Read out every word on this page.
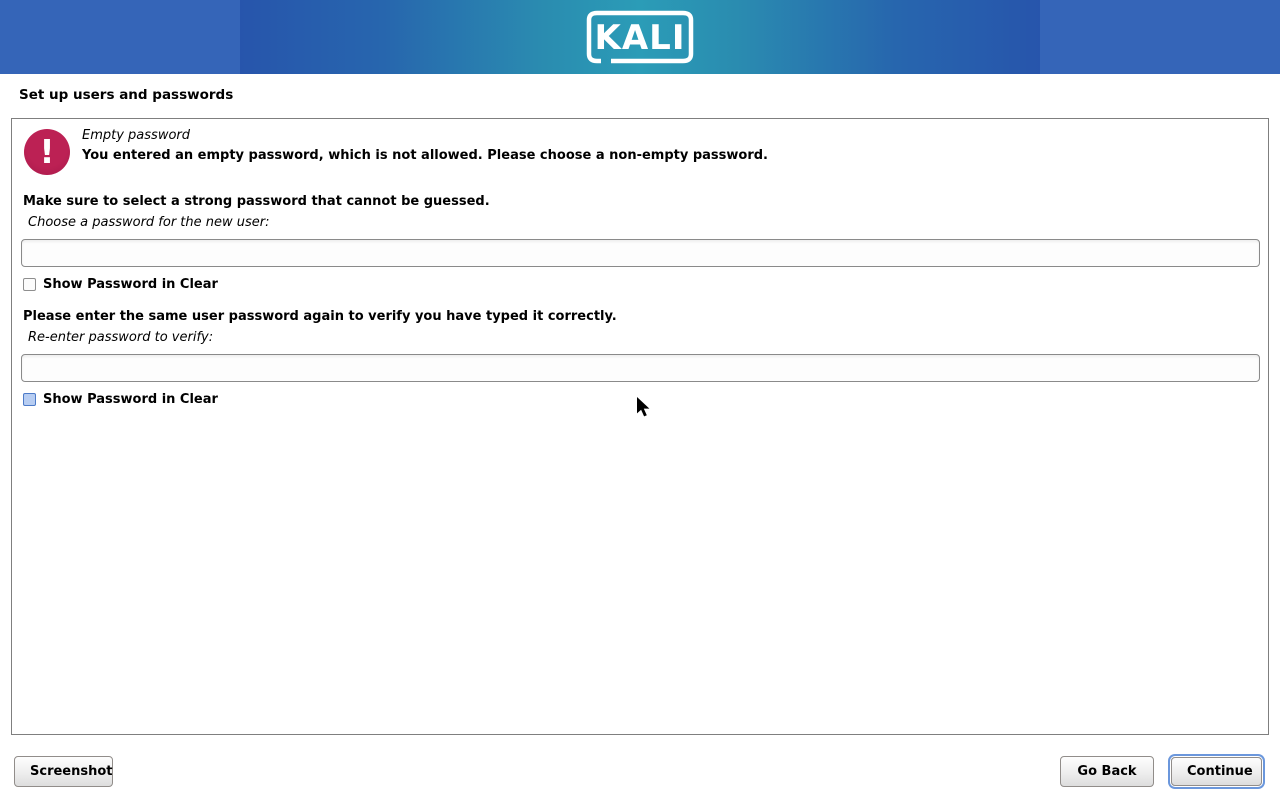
KALI
Set up users and passwords
! Empty password
You entered an empty password, which is not allowed. Please choose a non-empty password.
Make sure to select a strong password that cannot be guessed.
Choose a password for the new user:
Show Password in Clear
Please enter the same user password again to verify you have typed it correctly.
Re-enter password to verify:
Show Password in Clear
Screenshot	Go Back	Continue
